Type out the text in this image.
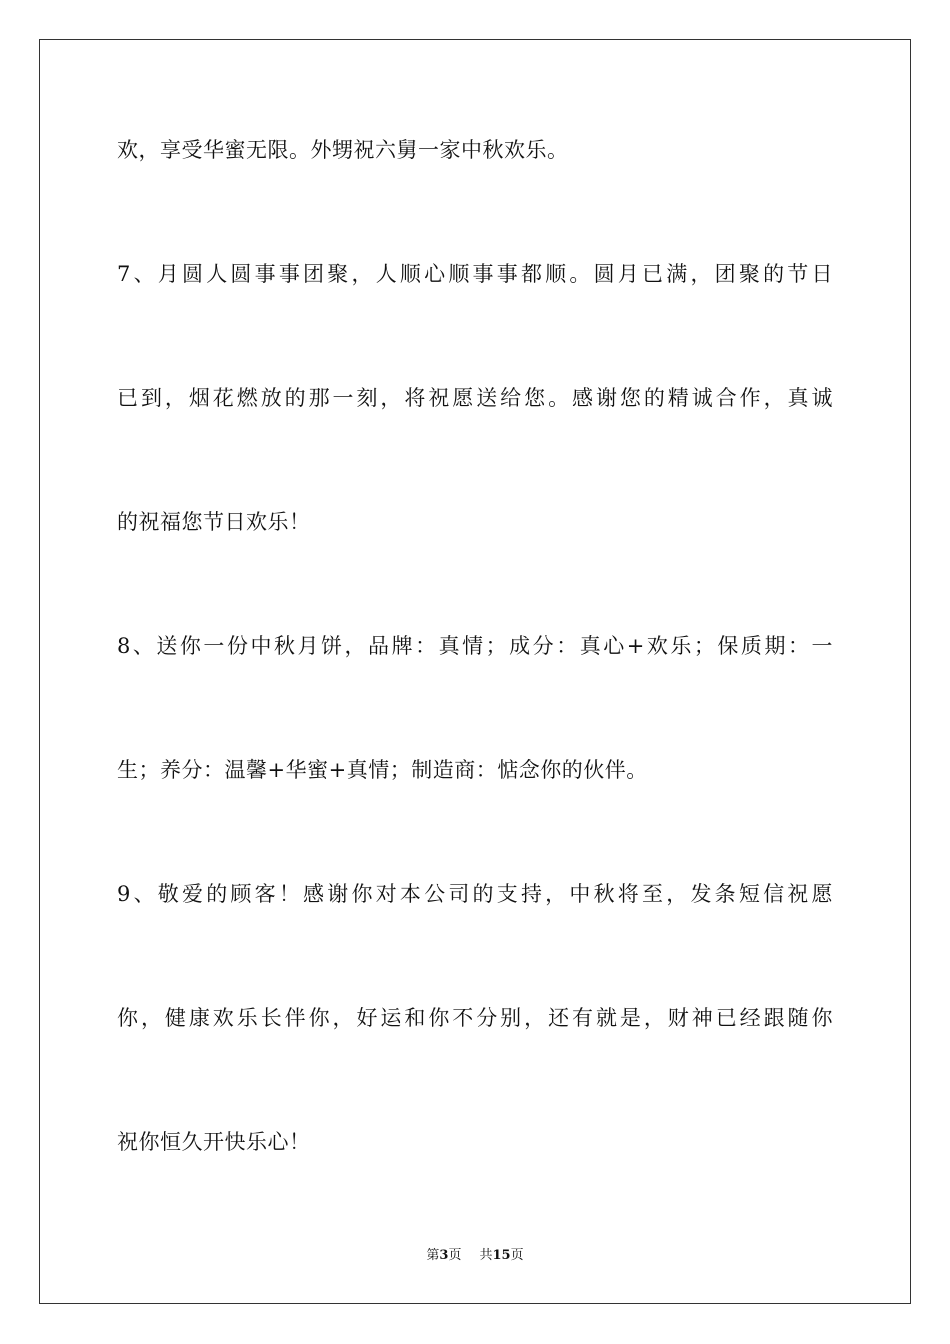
欢，享受华蜜无限。外甥祝六舅一家中秋欢乐。
7、月圆人圆事事团聚，人顺心顺事事都顺。圆月已满，团聚的节日
已到，烟花燃放的那一刻，将祝愿送给您。感谢您的精诚合作，真诚
的祝福您节日欢乐！
8、送你一份中秋月饼，品牌：真情；成分：真心+欢乐；保质期：一
生；养分：温馨+华蜜+真情；制造商：惦念你的伙伴。
9、敬爱的顾客！感谢你对本公司的支持，中秋将至，发条短信祝愿
你，健康欢乐长伴你，好运和你不分别，还有就是，财神已经跟随你
祝你恒久开快乐心！
第3页 共15页
